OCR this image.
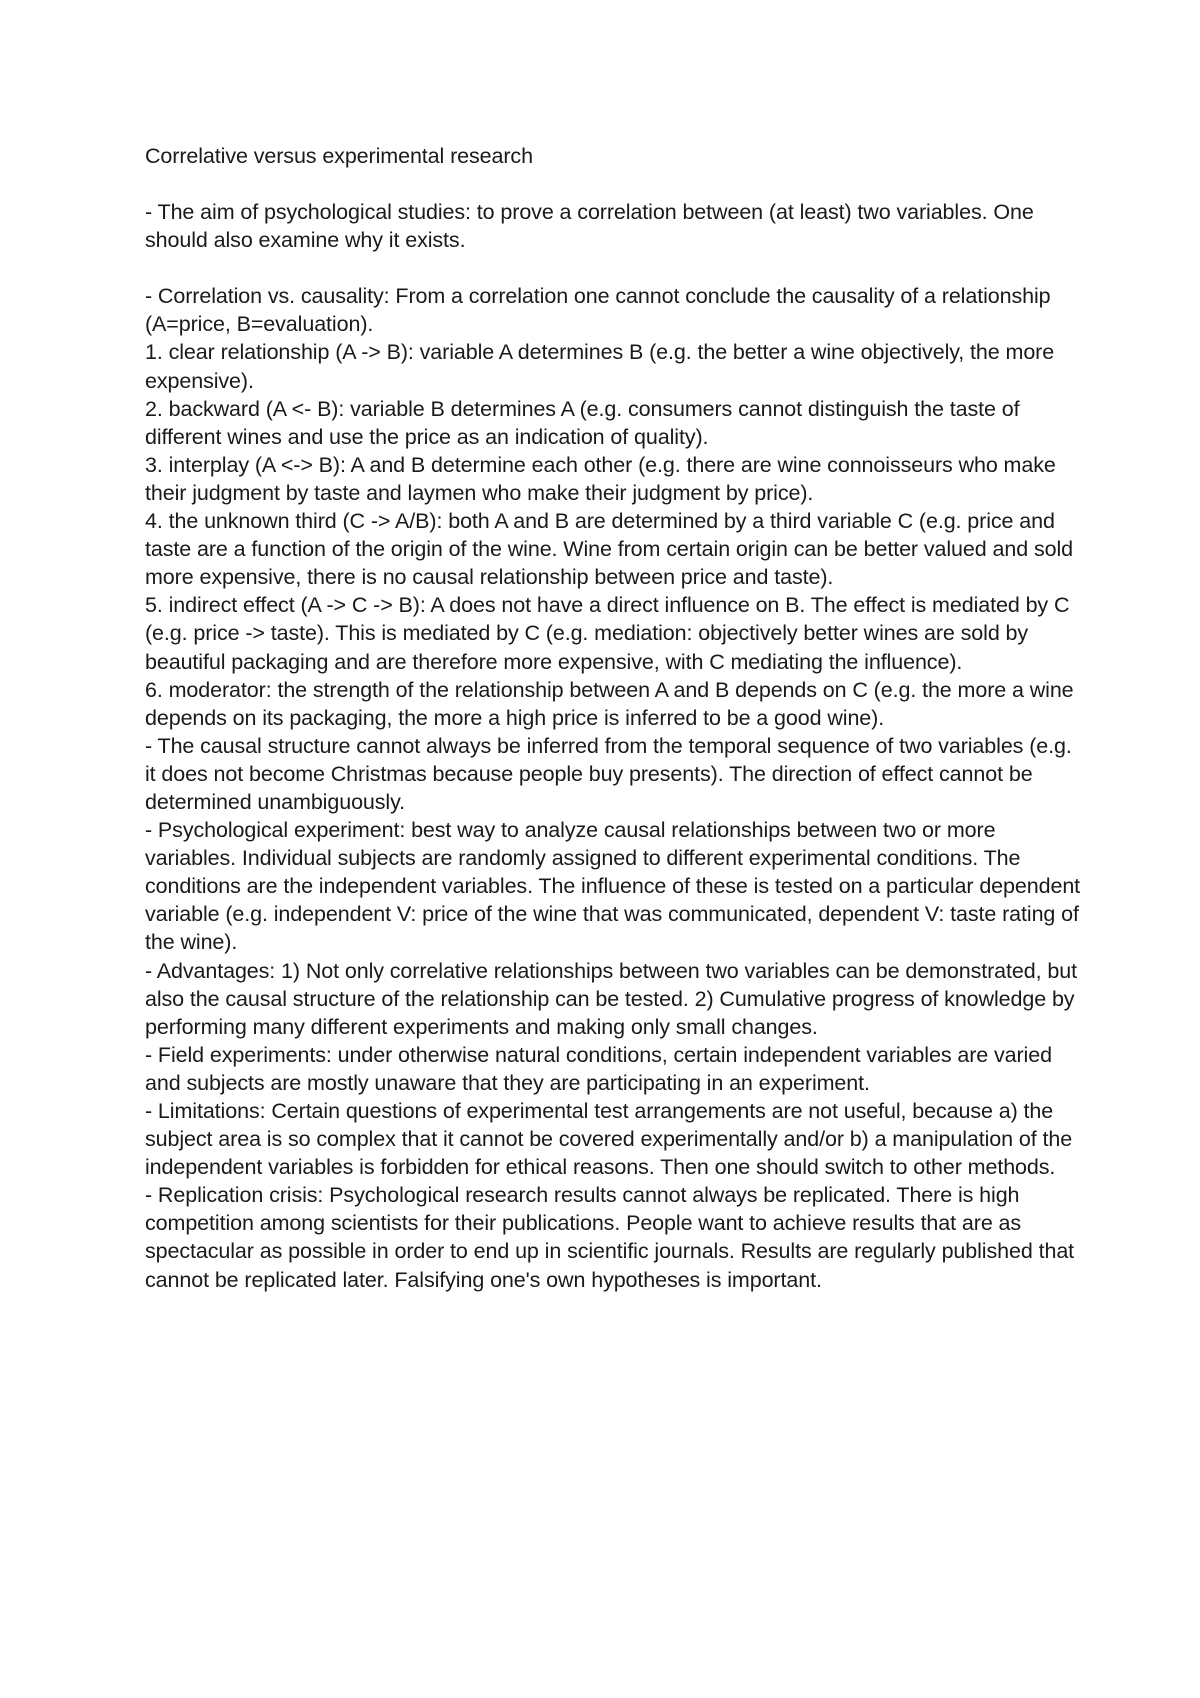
Correlative versus experimental research

- The aim of psychological studies: to prove a correlation between (at least) two variables. One should also examine why it exists.

- Correlation vs. causality: From a correlation one cannot conclude the causality of a relationship (A=price, B=evaluation).

1. clear relationship (A -> B): variable A determines B (e.g. the better a wine objectively, the more expensive).

2. backward (A <- B): variable B determines A (e.g. consumers cannot distinguish the taste of different wines and use the price as an indication of quality).

3. interplay (A <-> B): A and B determine each other (e.g. there are wine connoisseurs who make their judgment by taste and laymen who make their judgment by price).

4. the unknown third (C -> A/B): both A and B are determined by a third variable C (e.g. price and taste are a function of the origin of the wine. Wine from certain origin can be better valued and sold more expensive, there is no causal relationship between price and taste).

5. indirect effect (A -> C -> B): A does not have a direct influence on B. The effect is mediated by C (e.g. price -> taste). This is mediated by C (e.g. mediation: objectively better wines are sold by beautiful packaging and are therefore more expensive, with C mediating the influence).

6. moderator: the strength of the relationship between A and B depends on C (e.g. the more a wine depends on its packaging, the more a high price is inferred to be a good wine).

- The causal structure cannot always be inferred from the temporal sequence of two variables (e.g. it does not become Christmas because people buy presents). The direction of effect cannot be determined unambiguously.

- Psychological experiment: best way to analyze causal relationships between two or more variables. Individual subjects are randomly assigned to different experimental conditions. The conditions are the independent variables. The influence of these is tested on a particular dependent variable (e.g. independent V: price of the wine that was communicated, dependent V: taste rating of the wine).

- Advantages: 1) Not only correlative relationships between two variables can be demonstrated, but also the causal structure of the relationship can be tested. 2) Cumulative progress of knowledge by performing many different experiments and making only small changes.

- Field experiments: under otherwise natural conditions, certain independent variables are varied and subjects are mostly unaware that they are participating in an experiment.

- Limitations: Certain questions of experimental test arrangements are not useful, because a) the subject area is so complex that it cannot be covered experimentally and/or b) a manipulation of the independent variables is forbidden for ethical reasons. Then one should switch to other methods.

- Replication crisis: Psychological research results cannot always be replicated. There is high competition among scientists for their publications. People want to achieve results that are as spectacular as possible in order to end up in scientific journals. Results are regularly published that cannot be replicated later. Falsifying one's own hypotheses is important.
